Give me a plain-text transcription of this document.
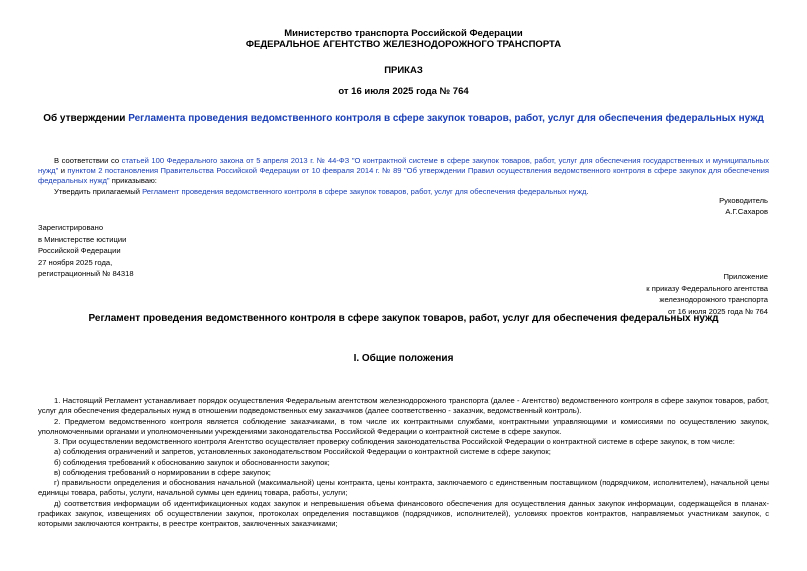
Министерство транспорта Российской Федерации
ФЕДЕРАЛЬНОЕ АГЕНТСТВО ЖЕЛЕЗНОДОРОЖНОГО ТРАНСПОРТА
ПРИКАЗ
от 16 июля 2025 года № 764
Об утверждении Регламента проведения ведомственного контроля в сфере закупок товаров, работ, услуг для обеспечения федеральных нужд
В соответствии со статьей 100 Федерального закона от 5 апреля 2013 г. № 44-ФЗ "О контрактной системе в сфере закупок товаров, работ, услуг для обеспечения государственных и муниципальных нужд" и пунктом 2 постановления Правительства Российской Федерации от 10 февраля 2014 г. № 89 "Об утверждении Правил осуществления ведомственного контроля в сфере закупок для обеспечения федеральных нужд" приказываю:
Утвердить прилагаемый Регламент проведения ведомственного контроля в сфере закупок товаров, работ, услуг для обеспечения федеральных нужд.
Руководитель
А.Г.Сахаров
Зарегистрировано
в Министерстве юстиции
Российской Федерации
27 ноября 2025 года,
регистрационный № 84318	Приложение
к приказу Федерального агентства
железнодорожного транспорта
от 16 июля 2025 года № 764
Регламент проведения ведомственного контроля в сфере закупок товаров, работ, услуг для обеспечения федеральных нужд
I. Общие положения
1. Настоящий Регламент устанавливает порядок осуществления Федеральным агентством железнодорожного транспорта (далее - Агентство) ведомственного контроля в сфере закупок товаров, работ, услуг для обеспечения федеральных нужд в отношении подведомственных ему заказчиков (далее соответственно - заказчик, ведомственный контроль).
2. Предметом ведомственного контроля является соблюдение заказчиками, в том числе их контрактными службами, контрактными управляющими и комиссиями по осуществлению закупок, уполномоченными органами и уполномоченными учреждениями законодательства Российской Федерации о контрактной системе в сфере закупок.
3. При осуществлении ведомственного контроля Агентство осуществляет проверку соблюдения законодательства Российской Федерации о контрактной системе в сфере закупок, в том числе:
а) соблюдения ограничений и запретов, установленных законодательством Российской Федерации о контрактной системе в сфере закупок;
б) соблюдения требований к обоснованию закупок и обоснованности закупок;
в) соблюдения требований о нормировании в сфере закупок;
г) правильности определения и обоснования начальной (максимальной) цены контракта, цены контракта, заключаемого с единственным поставщиком (подрядчиком, исполнителем), начальной цены единицы товара, работы, услуги, начальной суммы цен единиц товара, работы, услуги;
д) соответствия информации об идентификационных кодах закупок и непревышения объема финансового обеспечения для осуществления данных закупок информации, содержащейся в планах-графиках закупок, извещениях об осуществлении закупок, протоколах определения поставщиков (подрядчиков, исполнителей), условиях проектов контрактов, направляемых участникам закупок, с которыми заключаются контракты, в реестре контрактов, заключенных заказчиками;
